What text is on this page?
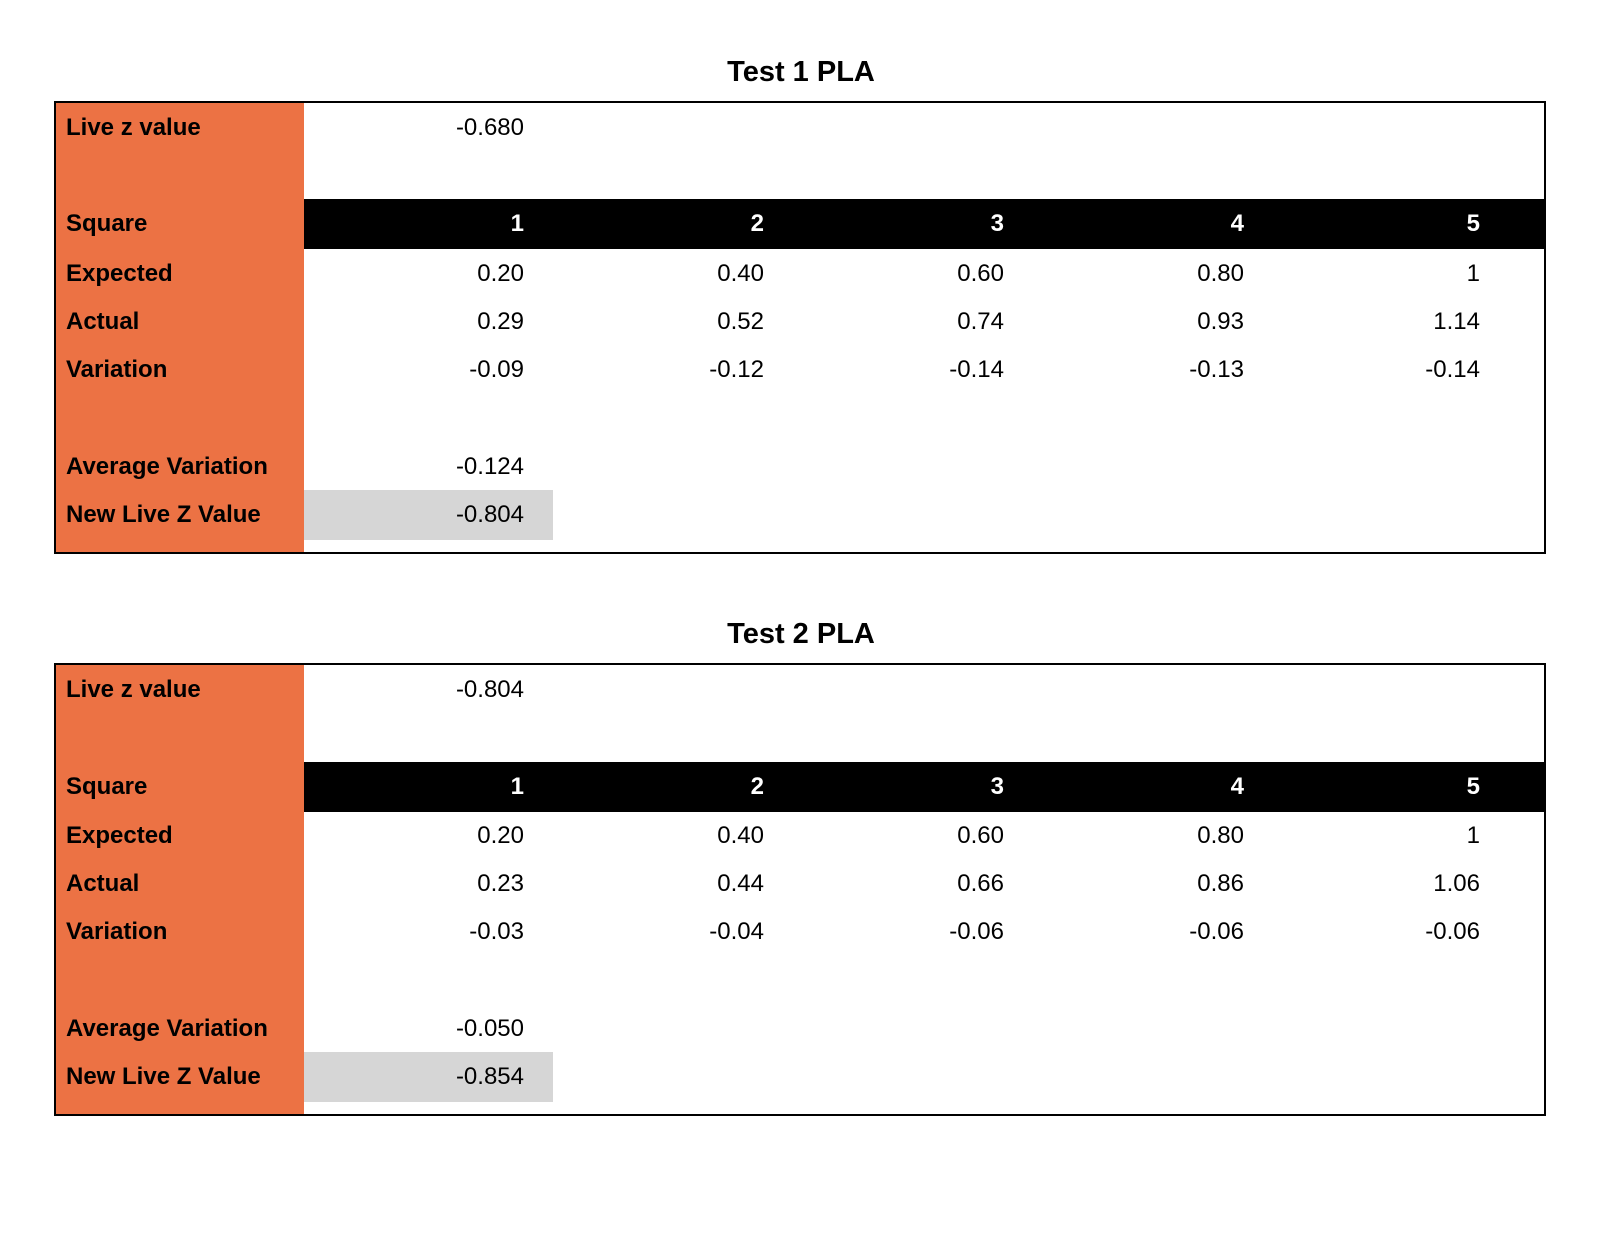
Test 1 PLA
Live z value	-0.680
Square	1	2	3	4	5
Expected	0.20	0.40	0.60	0.80	1
Actual	0.29	0.52	0.74	0.93	1.14
Variation	-0.09	-0.12	-0.14	-0.13	-0.14
Average Variation	-0.124
New Live Z Value	-0.804
Test 2 PLA
Live z value	-0.804
Square	1	2	3	4	5
Expected	0.20	0.40	0.60	0.80	1
Actual	0.23	0.44	0.66	0.86	1.06
Variation	-0.03	-0.04	-0.06	-0.06	-0.06
Average Variation	-0.050
New Live Z Value	-0.854
